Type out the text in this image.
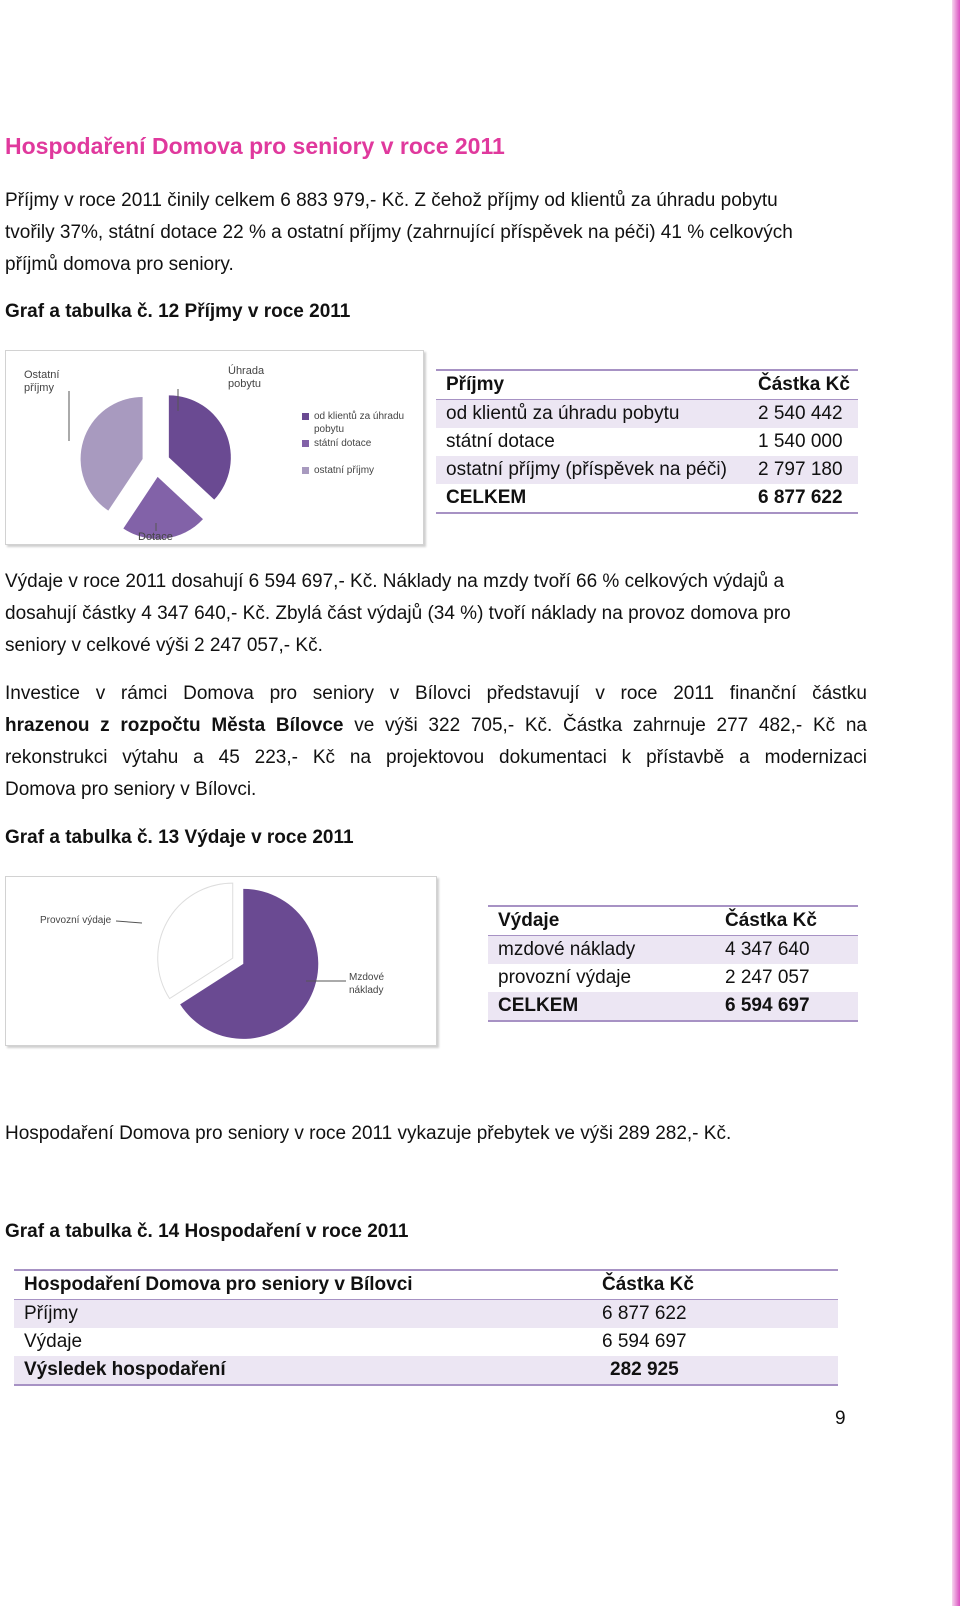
Hospodaření Domova pro seniory v roce 2011

Příjmy v roce 2011 činily celkem 6 883 979,- Kč. Z čehož příjmy od klientů za úhradu pobytu
tvořily 37%, státní dotace 22 % a ostatní příjmy (zahrnující příspěvek na péči) 41 % celkových
příjmů domova pro seniory.

Graf a tabulka č. 12 Příjmy v roce 2011

Ostatní
příjmy
Úhrada
pobytu
Dotace
od klientů za úhradu
pobytu
státní dotace
ostatní příjmy
Příjmy	Částka Kč
od klientů za úhradu pobytu	2 540 442
státní dotace	1 540 000
ostatní příjmy (příspěvek na péči)	2 797 180
CELKEM	6 877 622

Výdaje v roce 2011 dosahují 6 594 697,- Kč. Náklady na mzdy tvoří 66 % celkových výdajů a
dosahují částky 4 347 640,- Kč. Zbylá část výdajů (34 %) tvoří náklady na provoz domova pro
seniory v celkové výši 2 247 057,- Kč.

Investice v rámci Domova pro seniory v Bílovci představují v roce 2011 finanční částku
hrazenou z rozpočtu Města Bílovce ve výši 322 705,- Kč. Částka zahrnuje 277 482,- Kč na
rekonstrukci výtahu a 45 223,- Kč na projektovou dokumentaci k přístavbě a modernizaci
Domova pro seniory v Bílovci.

Graf a tabulka č. 13 Výdaje v roce 2011

Provozní výdaje
Mzdové
náklady
Výdaje	Částka Kč
mzdové náklady	4 347 640
provozní výdaje	2 247 057
CELKEM	6 594 697

Hospodaření Domova pro seniory v roce 2011 vykazuje přebytek ve výši 289 282,- Kč.

Graf a tabulka č. 14 Hospodaření v roce 2011

Hospodaření Domova pro seniory v Bílovci	Částka Kč
Příjmy	6 877 622
Výdaje	6 594 697
Výsledek hospodaření	282 925
9
